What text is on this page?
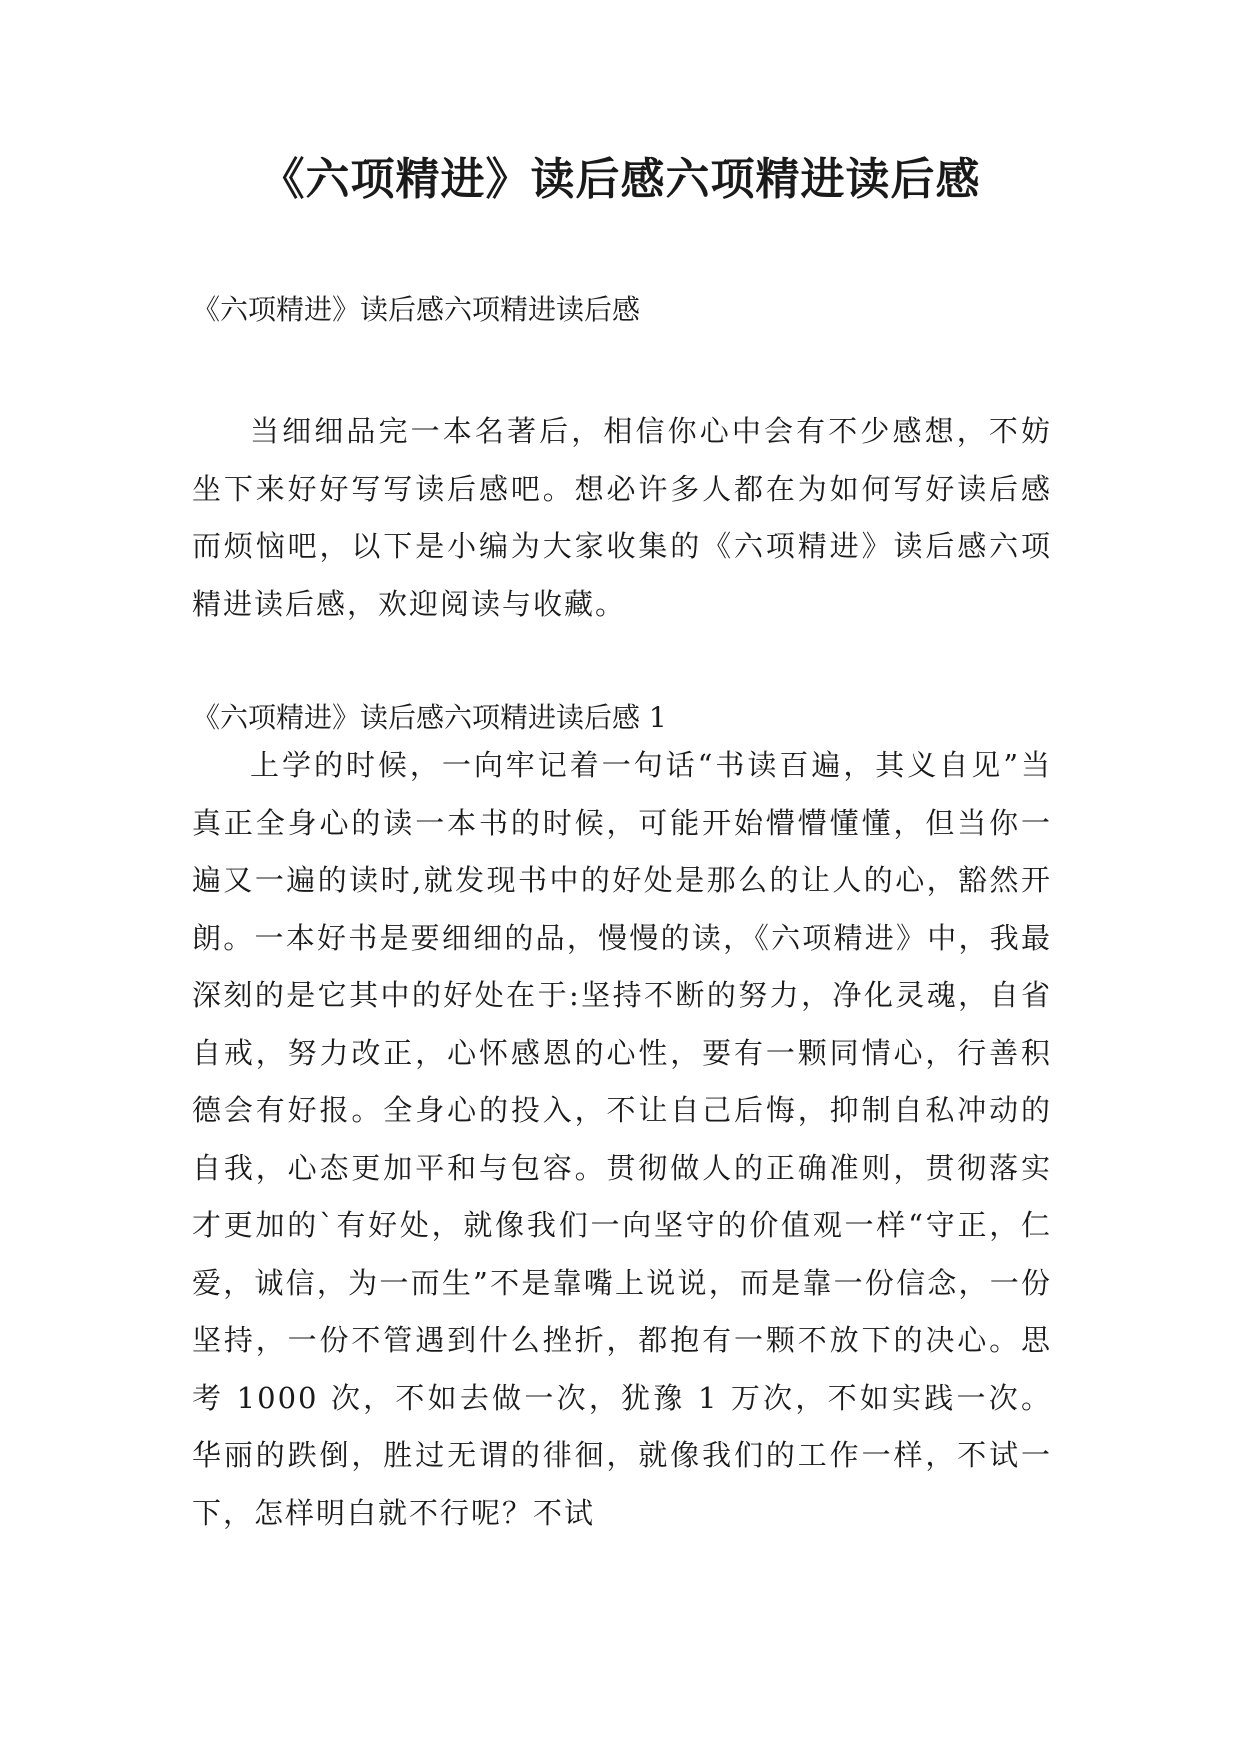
《六项精进》读后感六项精进读后感

《六项精进》读后感六项精进读后感

当细细品完一本名著后，相信你心中会有不少感想，不妨坐下来好好写写读后感吧。想必许多人都在为如何写好读后感而烦恼吧，以下是小编为大家收集的《六项精进》读后感六项精进读后感，欢迎阅读与收藏。

《六项精进》读后感六项精进读后感 1

上学的时候，一向牢记着一句话“书读百遍，其义自见”当真正全身心的读一本书的时候，可能开始懵懵懂懂，但当你一遍又一遍的读时,就发现书中的好处是那么的让人的心，豁然开朗。一本好书是要细细的品，慢慢的读，《六项精进》中，我最深刻的是它其中的好处在于:坚持不断的努力，净化灵魂，自省自戒，努力改正，心怀感恩的心性，要有一颗同情心，行善积德会有好报。全身心的投入，不让自己后悔，抑制自私冲动的自我，心态更加平和与包容。贯彻做人的正确准则，贯彻落实才更加的`有好处，就像我们一向坚守的价值观一样“守正，仁爱，诚信，为一而生”不是靠嘴上说说，而是靠一份信念，一份坚持，一份不管遇到什么挫折，都抱有一颗不放下的决心。思考 1000 次，不如去做一次，犹豫 1 万次，不如实践一次。华丽的跌倒，胜过无谓的徘徊，就像我们的工作一样，不试一下，怎样明白就不行呢？不试
